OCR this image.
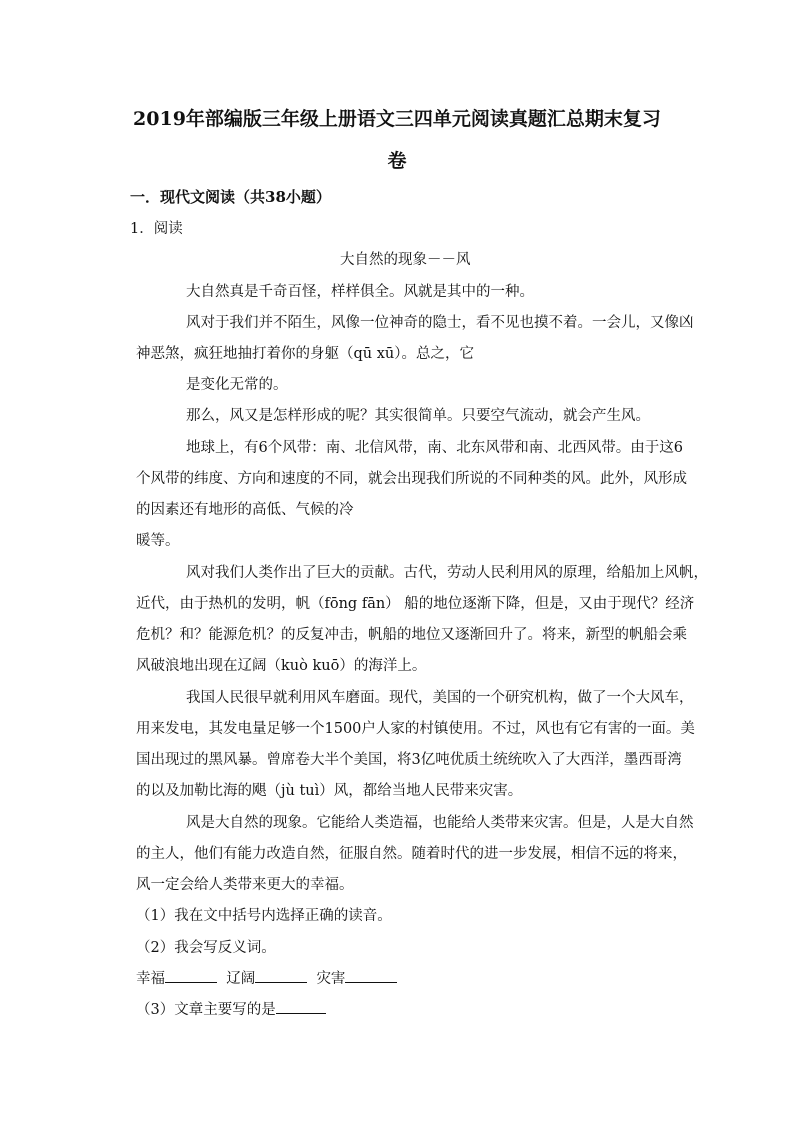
2019年部编版三年级上册语文三四单元阅读真题汇总期末复习
卷
一．现代文阅读（共38小题）
1．阅读
大自然的现象－－风
大自然真是千奇百怪，样样俱全。风就是其中的一种。
风对于我们并不陌生，风像一位神奇的隐士，看不见也摸不着。一会儿，又像凶
神恶煞，疯狂地抽打着你的身躯（qū xū）。总之，它
是变化无常的。
那么，风又是怎样形成的呢？其实很简单。只要空气流动，就会产生风。
地球上，有6个风带：南、北信风带，南、北东风带和南、北西风带。由于这6
个风带的纬度、方向和速度的不同，就会出现我们所说的不同种类的风。此外，风形成
的因素还有地形的高低、气候的冷
暖等。
风对我们人类作出了巨大的贡献。古代，劳动人民利用风的原理，给船加上风帆，
近代，由于热机的发明，帆（fōng fān） 船的地位逐渐下降，但是，又由于现代？经济
危机？和？能源危机？的反复冲击，帆船的地位又逐渐回升了。将来，新型的帆船会乘
风破浪地出现在辽阔（kuò kuō）的海洋上。
我国人民很早就利用风车磨面。现代，美国的一个研究机构，做了一个大风车，
用来发电，其发电量足够一个1500户人家的村镇使用。不过，风也有它有害的一面。美
国出现过的黑风暴。曾席卷大半个美国，将3亿吨优质土统统吹入了大西洋，墨西哥湾
的以及加勒比海的飓（jù tuì）风，都给当地人民带来灾害。
风是大自然的现象。它能给人类造福，也能给人类带来灾害。但是，人是大自然
的主人，他们有能力改造自然，征服自然。随着时代的进一步发展，相信不远的将来，
风一定会给人类带来更大的幸福。
（1）我在文中括号内选择正确的读音。
（2）我会写反义词。
幸福	辽阔	灾害
（3）文章主要写的是
